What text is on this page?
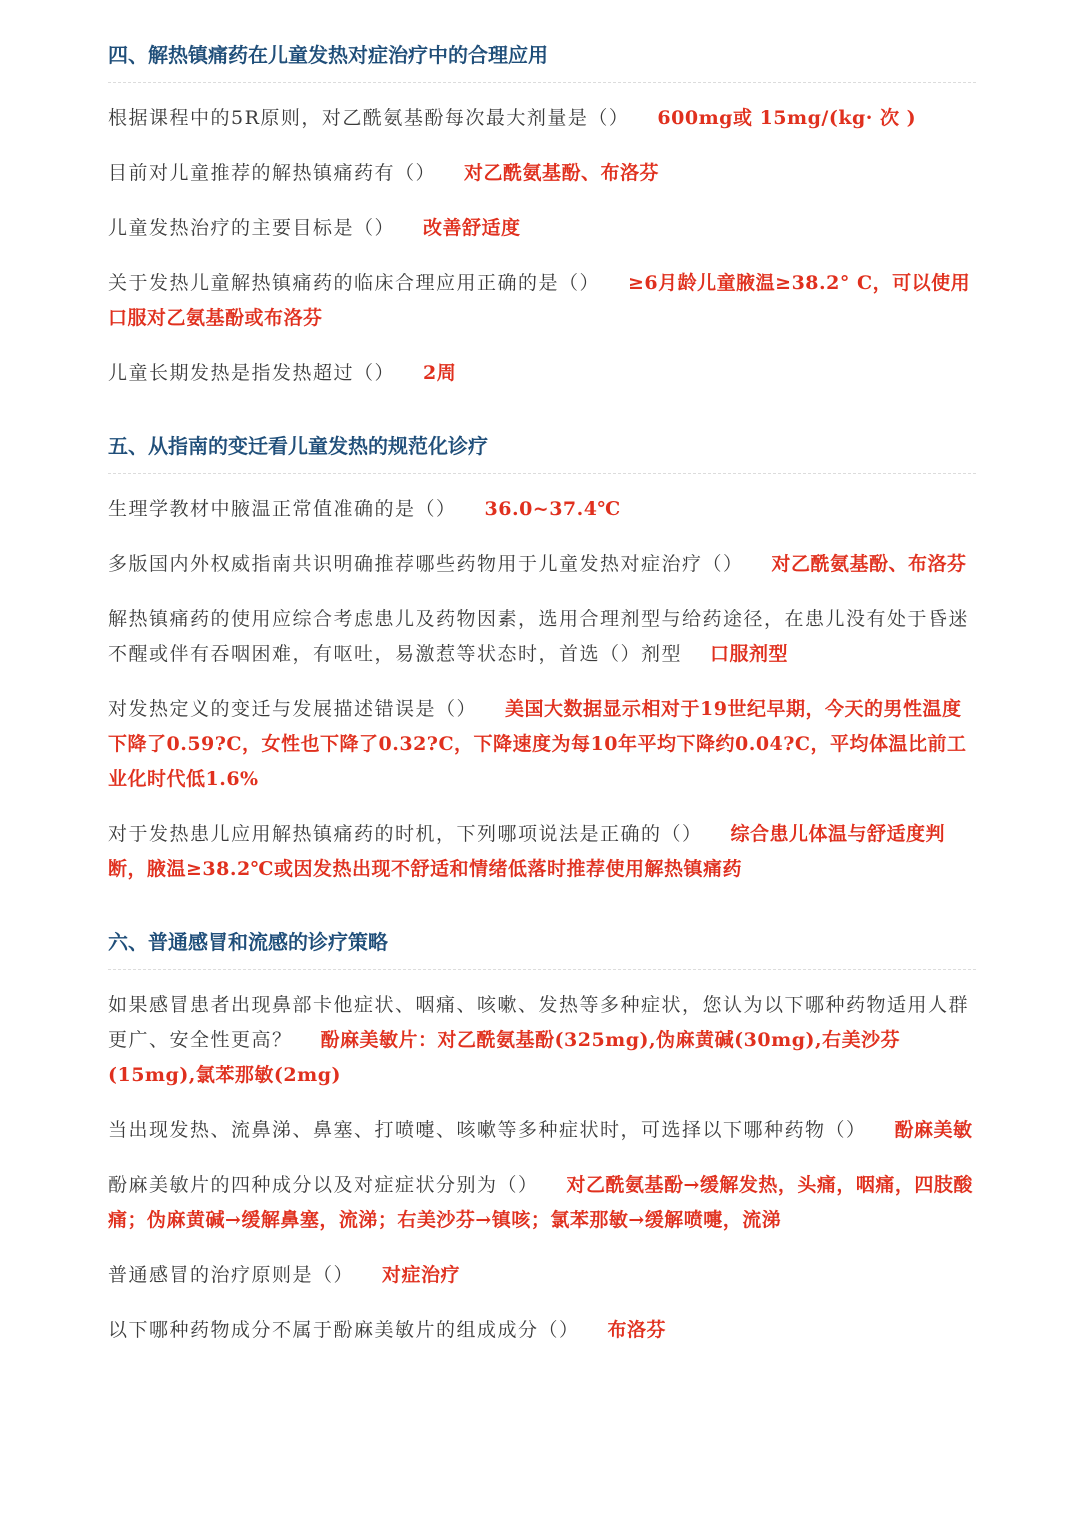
四、解热镇痛药在儿童发热对症治疗中的合理应用

根据课程中的5R原则，对乙酰氨基酚每次最大剂量是（） 600mg或 15mg/(kg· 次 )

目前对儿童推荐的解热镇痛药有（） 对乙酰氨基酚、布洛芬

儿童发热治疗的主要目标是（） 改善舒适度

关于发热儿童解热镇痛药的临床合理应用正确的是（） ≥6月龄儿童腋温≥38.2° C，可以使用口服对乙氨基酚或布洛芬

儿童长期发热是指发热超过（） 2周

五、从指南的变迁看儿童发热的规范化诊疗

生理学教材中腋温正常值准确的是（） 36.0~37.4℃

多版国内外权威指南共识明确推荐哪些药物用于儿童发热对症治疗（） 对乙酰氨基酚、布洛芬

解热镇痛药的使用应综合考虑患儿及药物因素，选用合理剂型与给药途径，在患儿没有处于昏迷不醒或伴有吞咽困难，有呕吐，易激惹等状态时，首选（）剂型 口服剂型

对发热定义的变迁与发展描述错误是（） 美国大数据显示相对于19世纪早期，今天的男性温度下降了0.59?C，女性也下降了0.32?C，下降速度为每10年平均下降约0.04?C，平均体温比前工业化时代低1.6%

对于发热患儿应用解热镇痛药的时机，下列哪项说法是正确的（） 综合患儿体温与舒适度判断，腋温≥38.2℃或因发热出现不舒适和情绪低落时推荐使用解热镇痛药

六、普通感冒和流感的诊疗策略

如果感冒患者出现鼻部卡他症状、咽痛、咳嗽、发热等多种症状，您认为以下哪种药物适用人群更广、安全性更高？ 酚麻美敏片：对乙酰氨基酚(325mg),伪麻黄碱(30mg),右美沙芬(15mg),氯苯那敏(2mg)

当出现发热、流鼻涕、鼻塞、打喷嚏、咳嗽等多种症状时，可选择以下哪种药物（） 酚麻美敏

酚麻美敏片的四种成分以及对症症状分别为（） 对乙酰氨基酚→缓解发热，头痛，咽痛，四肢酸痛；伪麻黄碱→缓解鼻塞，流涕；右美沙芬→镇咳；氯苯那敏→缓解喷嚏，流涕

普通感冒的治疗原则是（） 对症治疗

以下哪种药物成分不属于酚麻美敏片的组成成分（） 布洛芬
